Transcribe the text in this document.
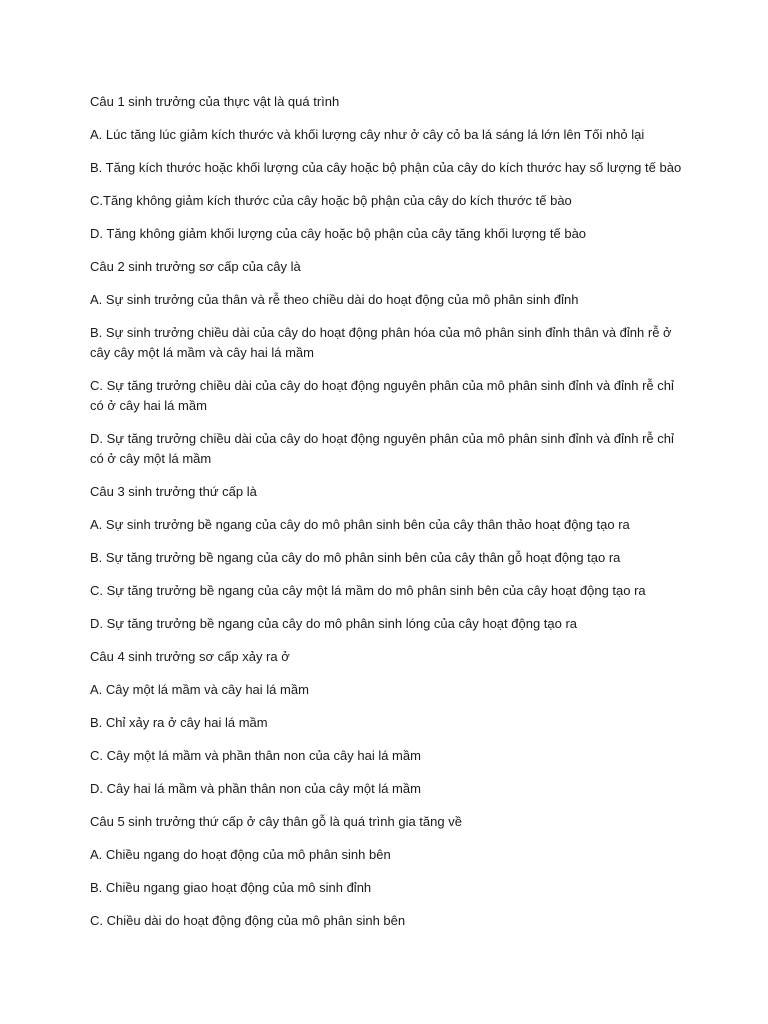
Câu 1 sinh trưởng của thực vật là quá trình

A. Lúc tăng lúc giảm kích thước và khối lượng cây như ở cây cỏ ba lá sáng lá lớn lên Tối nhỏ lại

B. Tăng kích thước hoặc khối lượng của cây hoặc bộ phận của cây do kích thước hay số lượng tế bào

C.Tăng không giảm kích thước của cây hoặc bộ phận của cây do kích thước tế bào

D. Tăng không giảm khối lượng của cây hoặc bộ phận của cây tăng khối lượng tế bào

Câu 2 sinh trưởng sơ cấp của cây là

A. Sự sinh trưởng của thân và rễ theo chiều dài do hoạt động của mô phân sinh đỉnh

B. Sự sinh trưởng chiều dài của cây do hoạt động phân hóa của mô phân sinh đỉnh thân và đỉnh rễ ở cây cây một lá mầm và cây hai lá mầm

C. Sự tăng trưởng chiều dài của cây do hoạt động nguyên phân của mô phân sinh đỉnh và đỉnh rễ chỉ có ở cây hai lá mầm

D. Sự tăng trưởng chiều dài của cây do hoạt động nguyên phân của mô phân sinh đỉnh và đỉnh rễ chỉ có ở cây một lá mầm

Câu 3 sinh trưởng thứ cấp là

A. Sự sinh trưởng bề ngang của cây do mô phân sinh bên của cây thân thảo hoạt động tạo ra

B. Sự tăng trưởng bề ngang của cây do mô phân sinh bên của cây thân gỗ hoạt động tạo ra

C. Sự tăng trưởng bề ngang của cây một lá mầm do mô phân sinh bên của cây hoạt động tạo ra

D. Sự tăng trưởng bề ngang của cây do mô phân sinh lóng của cây hoạt động tạo ra

Câu 4 sinh trưởng sơ cấp xảy ra ở

A. Cây một lá mầm và cây hai lá mầm

B. Chỉ xảy ra ở cây hai lá mầm

C. Cây một lá mầm và phần thân non của cây hai lá mầm

D. Cây hai lá mầm và phần thân non của cây một lá mầm

Câu 5 sinh trưởng thứ cấp ở cây thân gỗ là quá trình gia tăng về

A. Chiều ngang do hoạt động của mô phân sinh bên

B. Chiều ngang giao hoạt động của mô sinh đỉnh

C. Chiều dài do hoạt động động của mô phân sinh bên
